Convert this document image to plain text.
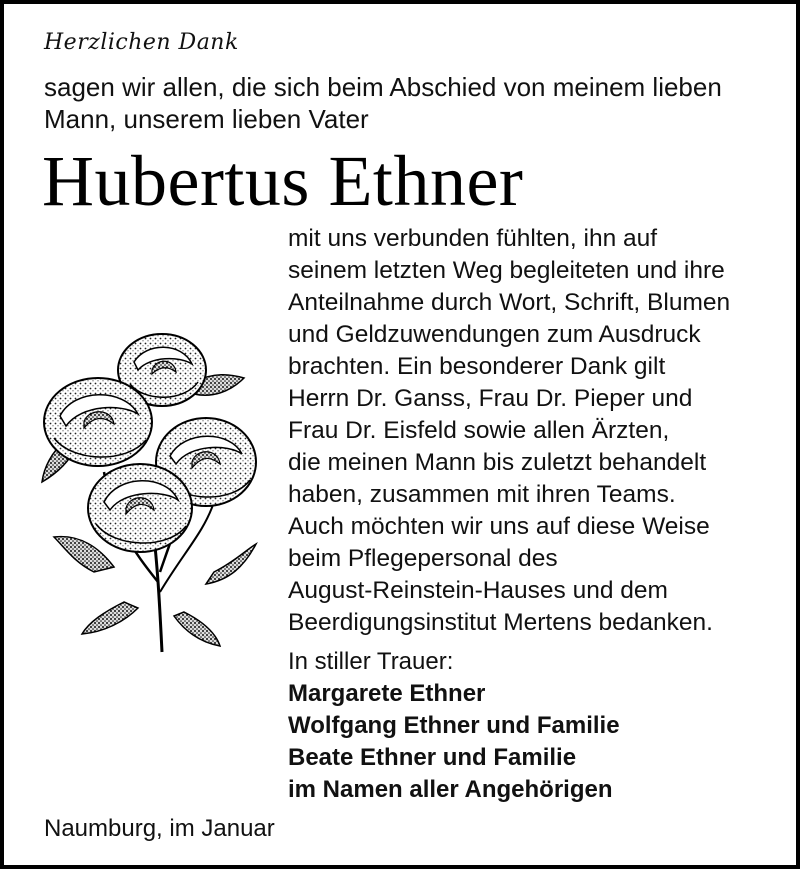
Herzlichen Dank
sagen wir allen, die sich beim Abschied von meinem lieben
Mann, unserem lieben Vater
Hubertus Ethner
mit uns verbunden fühlten, ihn auf
seinem letzten Weg begleiteten und ihre
Anteilnahme durch Wort, Schrift, Blumen
und Geldzuwendungen zum Ausdruck
brachten. Ein besonderer Dank gilt
Herrn Dr. Ganss, Frau Dr. Pieper und
Frau Dr. Eisfeld sowie allen Ärzten,
die meinen Mann bis zuletzt behandelt
haben, zusammen mit ihren Teams.
Auch möchten wir uns auf diese Weise
beim Pflegepersonal des
August-Reinstein-Hauses und dem
Beerdigungsinstitut Mertens bedanken.
In stiller Trauer:
Margarete Ethner
Wolfgang Ethner und Familie
Beate Ethner und Familie
im Namen aller Angehörigen
Naumburg, im Januar
